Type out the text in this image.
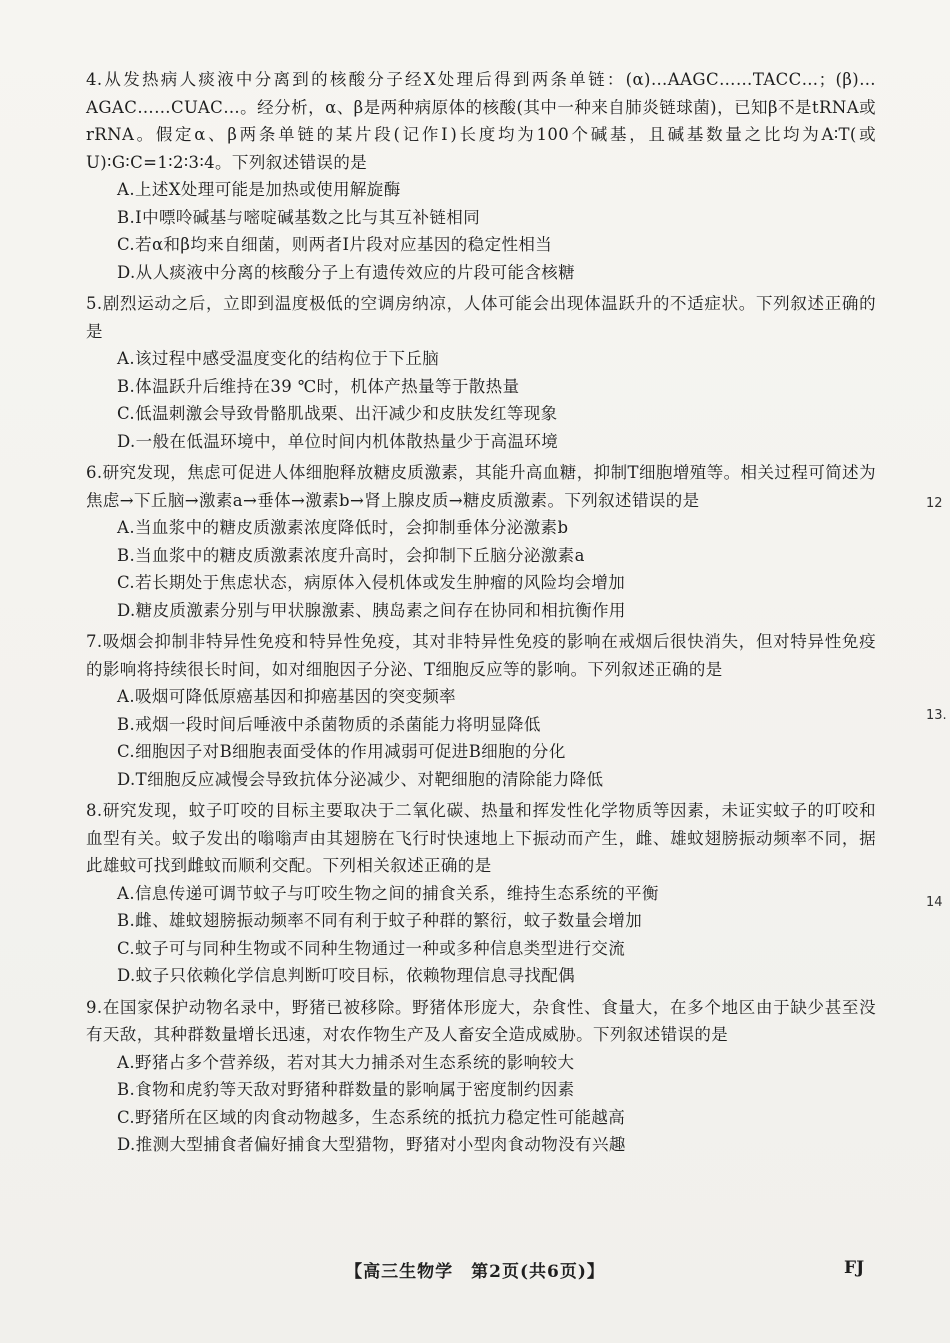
4.从发热病人痰液中分离到的核酸分子经X处理后得到两条单链：(α)…AAGC……TACC…；(β)…AGAC……CUAC…。经分析，α、β是两种病原体的核酸(其中一种来自肺炎链球菌)，已知β不是tRNA或rRNA。假定α、β两条单链的某片段(记作Ⅰ)长度均为100个碱基，且碱基数量之比均为A∶T(或U)∶G∶C=1∶2∶3∶4。下列叙述错误的是
A.上述X处理可能是加热或使用解旋酶
B.Ⅰ中嘌呤碱基与嘧啶碱基数之比与其互补链相同
C.若α和β均来自细菌，则两者Ⅰ片段对应基因的稳定性相当
D.从人痰液中分离的核酸分子上有遗传效应的片段可能含核糖
5.剧烈运动之后，立即到温度极低的空调房纳凉，人体可能会出现体温跃升的不适症状。下列叙述正确的是
A.该过程中感受温度变化的结构位于下丘脑
B.体温跃升后维持在39 ℃时，机体产热量等于散热量
C.低温刺激会导致骨骼肌战栗、出汗减少和皮肤发红等现象
D.一般在低温环境中，单位时间内机体散热量少于高温环境
6.研究发现，焦虑可促进人体细胞释放糖皮质激素，其能升高血糖，抑制T细胞增殖等。相关过程可简述为 焦虑→下丘脑→激素a→垂体→激素b→肾上腺皮质→糖皮质激素。下列叙述错误的是
A.当血浆中的糖皮质激素浓度降低时，会抑制垂体分泌激素b
B.当血浆中的糖皮质激素浓度升高时，会抑制下丘脑分泌激素a
C.若长期处于焦虑状态，病原体入侵机体或发生肿瘤的风险均会增加
D.糖皮质激素分别与甲状腺激素、胰岛素之间存在协同和相抗衡作用
7.吸烟会抑制非特异性免疫和特异性免疫，其对非特异性免疫的影响在戒烟后很快消失，但对特异性免疫的影响将持续很长时间，如对细胞因子分泌、T细胞反应等的影响。下列叙述正确的是
A.吸烟可降低原癌基因和抑癌基因的突变频率
B.戒烟一段时间后唾液中杀菌物质的杀菌能力将明显降低
C.细胞因子对B细胞表面受体的作用减弱可促进B细胞的分化
D.T细胞反应减慢会导致抗体分泌减少、对靶细胞的清除能力降低
8.研究发现，蚊子叮咬的目标主要取决于二氧化碳、热量和挥发性化学物质等因素，未证实蚊子的叮咬和血型有关。蚊子发出的嗡嗡声由其翅膀在飞行时快速地上下振动而产生，雌、雄蚊翅膀振动频率不同，据此雄蚊可找到雌蚊而顺利交配。下列相关叙述正确的是
A.信息传递可调节蚊子与叮咬生物之间的捕食关系，维持生态系统的平衡
B.雌、雄蚊翅膀振动频率不同有利于蚊子种群的繁衍，蚊子数量会增加
C.蚊子可与同种生物或不同种生物通过一种或多种信息类型进行交流
D.蚊子只依赖化学信息判断叮咬目标，依赖物理信息寻找配偶
9.在国家保护动物名录中，野猪已被移除。野猪体形庞大，杂食性、食量大，在多个地区由于缺少甚至没有天敌，其种群数量增长迅速，对农作物生产及人畜安全造成威胁。下列叙述错误的是
A.野猪占多个营养级，若对其大力捕杀对生态系统的影响较大
B.食物和虎豹等天敌对野猪种群数量的影响属于密度制约因素
C.野猪所在区域的肉食动物越多，生态系统的抵抗力稳定性可能越高
D.推测大型捕食者偏好捕食大型猎物，野猪对小型肉食动物没有兴趣
12
13.
14
【高三生物学　第2页(共6页)】	FJ
